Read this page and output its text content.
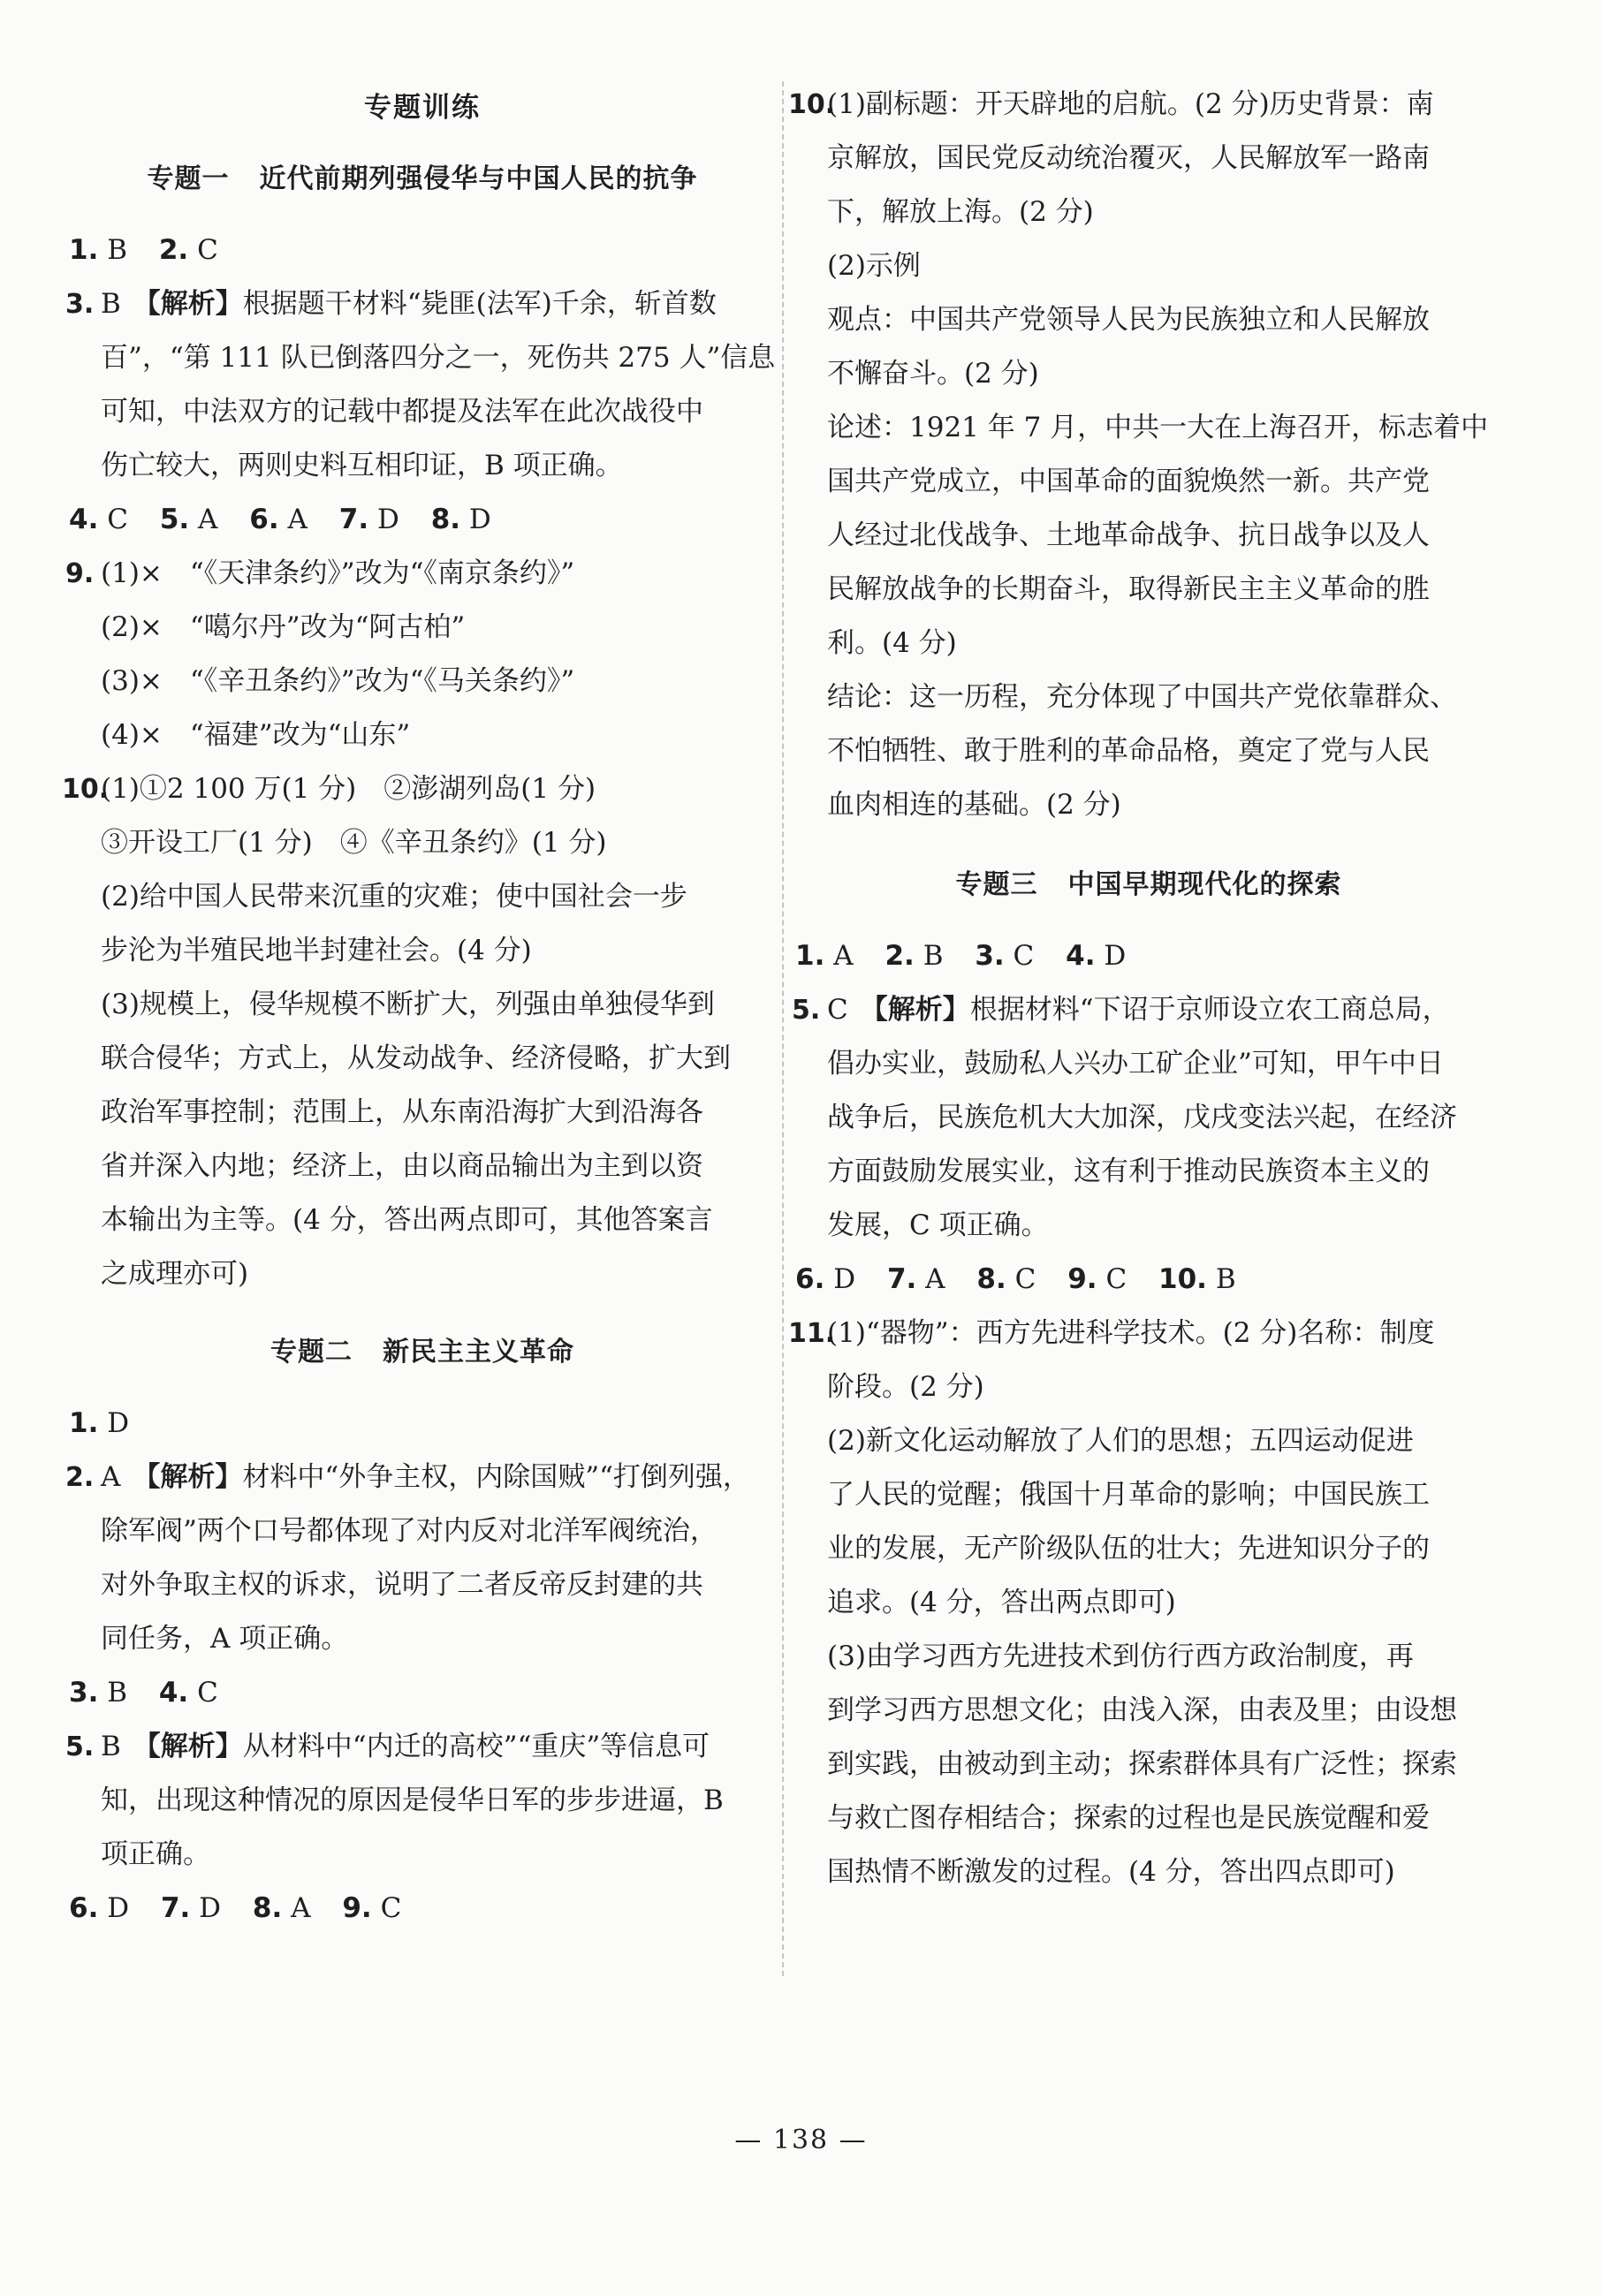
专题训练
专题一 近代前期列强侵华与中国人民的抗争
1. B 2. C
3. B 【解析】根据题干材料“毙匪(法军)千余，斩首数
百”，“第 111 队已倒落四分之一，死伤共 275 人”信息
可知，中法双方的记载中都提及法军在此次战役中
伤亡较大，两则史料互相印证，B 项正确。
4. C 5. A 6. A 7. D 8. D
9. (1)×　“《天津条约》”改为“《南京条约》”
(2)×　“噶尔丹”改为“阿古柏”
(3)×　“《辛丑条约》”改为“《马关条约》”
(4)×　“福建”改为“山东”
10.
(1)①2 100 万(1 分)　②澎湖列岛(1 分)
③开设工厂(1 分)　④《辛丑条约》(1 分)
(2)给中国人民带来沉重的灾难；使中国社会一步
步沦为半殖民地半封建社会。(4 分)
(3)规模上，侵华规模不断扩大，列强由单独侵华到
联合侵华；方式上，从发动战争、经济侵略，扩大到
政治军事控制；范围上，从东南沿海扩大到沿海各
省并深入内地；经济上，由以商品输出为主到以资
本输出为主等。(4 分，答出两点即可，其他答案言
之成理亦可)
专题二 新民主主义革命
1. D
2. A 【解析】材料中“外争主权，内除国贼”“打倒列强，
除军阀”两个口号都体现了对内反对北洋军阀统治，
对外争取主权的诉求，说明了二者反帝反封建的共
同任务，A 项正确。
3. B 4. C
5. B 【解析】从材料中“内迁的高校”“重庆”等信息可
知，出现这种情况的原因是侵华日军的步步进逼，B
项正确。
6. D 7. D 8. A 9. C
10.
(1)副标题：开天辟地的启航。(2 分)历史背景：南
京解放，国民党反动统治覆灭，人民解放军一路南
下，解放上海。(2 分)
(2)示例
观点：中国共产党领导人民为民族独立和人民解放
不懈奋斗。(2 分)
论述：1921 年 7 月，中共一大在上海召开，标志着中
国共产党成立，中国革命的面貌焕然一新。共产党
人经过北伐战争、土地革命战争、抗日战争以及人
民解放战争的长期奋斗，取得新民主主义革命的胜
利。(4 分)
结论：这一历程，充分体现了中国共产党依靠群众、
不怕牺牲、敢于胜利的革命品格，奠定了党与人民
血肉相连的基础。(2 分)
专题三 中国早期现代化的探索
1. A 2. B 3. C 4. D
5. C 【解析】根据材料“下诏于京师设立农工商总局，
倡办实业，鼓励私人兴办工矿企业”可知，甲午中日
战争后，民族危机大大加深，戊戌变法兴起，在经济
方面鼓励发展实业，这有利于推动民族资本主义的
发展，C 项正确。
6. D 7. A 8. C 9. C 10. B
11.
(1)“器物”：西方先进科学技术。(2 分)名称：制度
阶段。(2 分)
(2)新文化运动解放了人们的思想；五四运动促进
了人民的觉醒；俄国十月革命的影响；中国民族工
业的发展，无产阶级队伍的壮大；先进知识分子的
追求。(4 分，答出两点即可)
(3)由学习西方先进技术到仿行西方政治制度，再
到学习西方思想文化；由浅入深，由表及里；由设想
到实践，由被动到主动；探索群体具有广泛性；探索
与救亡图存相结合；探索的过程也是民族觉醒和爱
国热情不断激发的过程。(4 分，答出四点即可)
— 138 —
